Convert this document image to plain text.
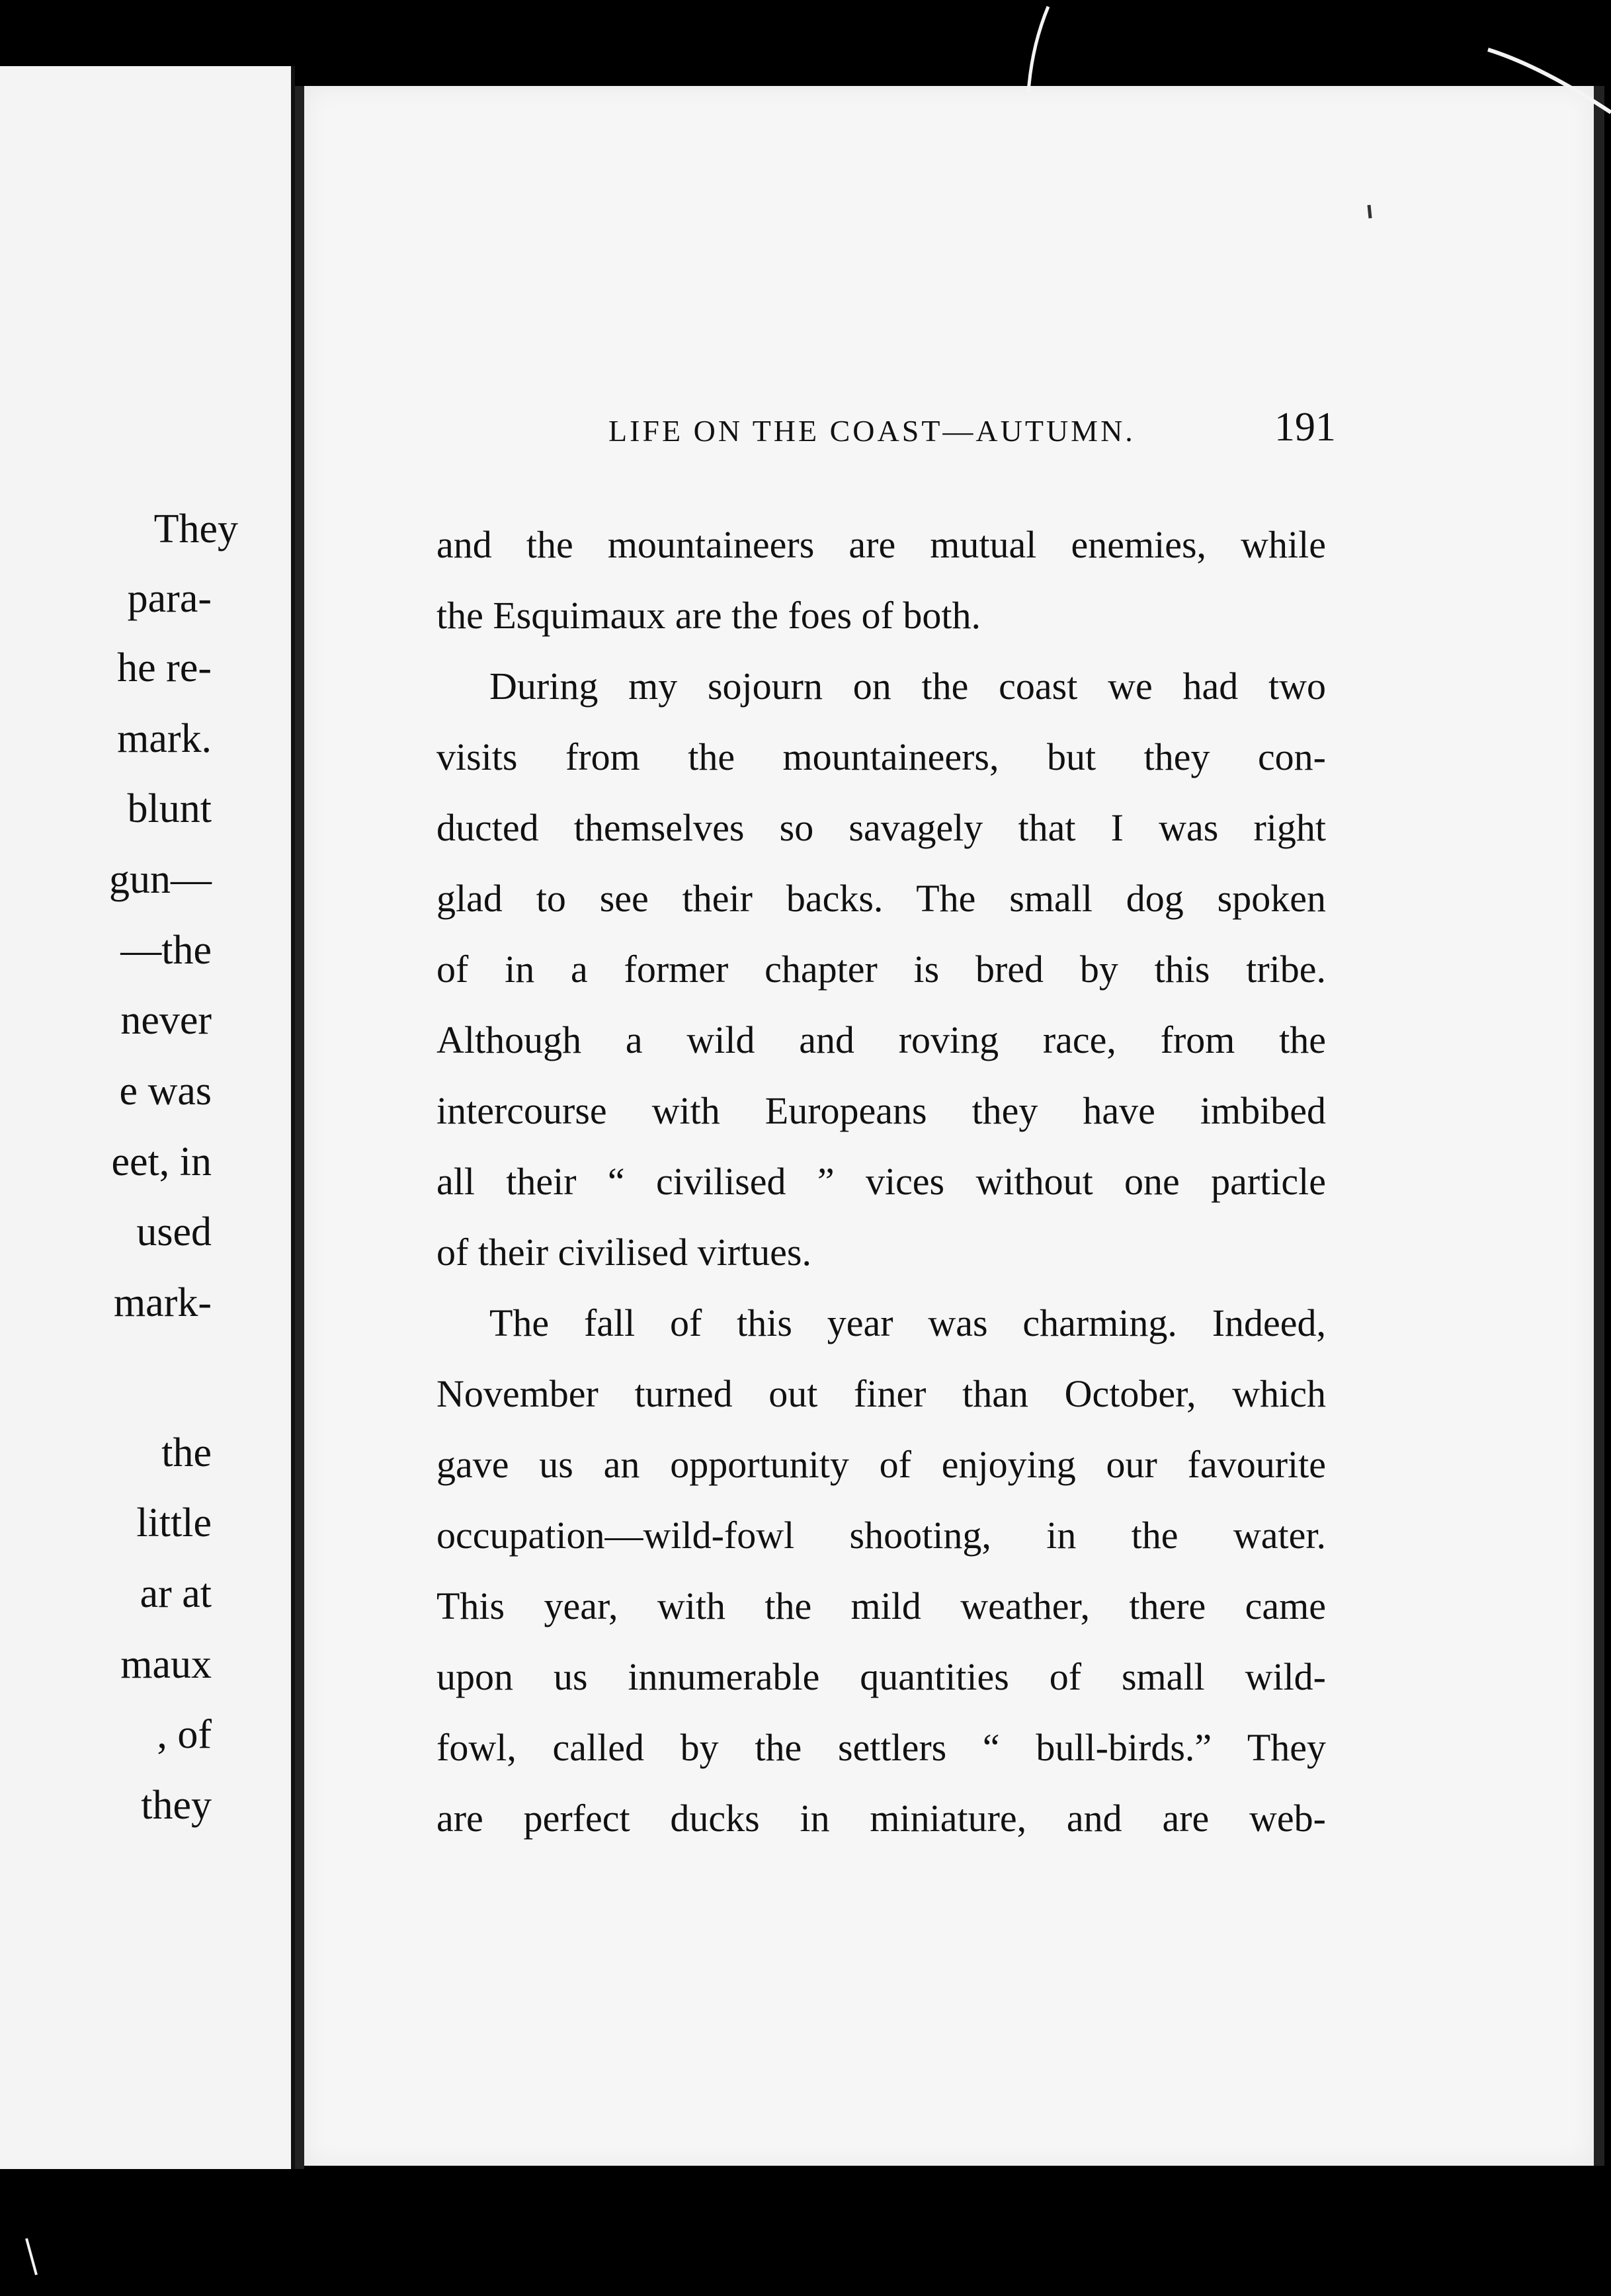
They
para-
he re-
mark.
blunt
gun—
—the
never
e was
eet, in
used
mark-
the
little
ar at
maux
, of
they
LIFE ON THE COAST—AUTUMN.	191

and the mountaineers are mutual enemies, while

the Esquimaux are the foes of both.

During my sojourn on the coast we had two

visits from the mountaineers, but they con-

ducted themselves so savagely that I was right

glad to see their backs. The small dog spoken

of in a former chapter is bred by this tribe.

Although a wild and roving race, from the

intercourse with Europeans they have imbibed

all their “ civilised ” vices without one particle

of their civilised virtues.

The fall of this year was charming. Indeed,

November turned out finer than October, which

gave us an opportunity of enjoying our favourite

occupation—wild-fowl shooting, in the water.

This year, with the mild weather, there came

upon us innumerable quantities of small wild-

fowl, called by the settlers “ bull-birds.” They

are perfect ducks in miniature, and are web-
